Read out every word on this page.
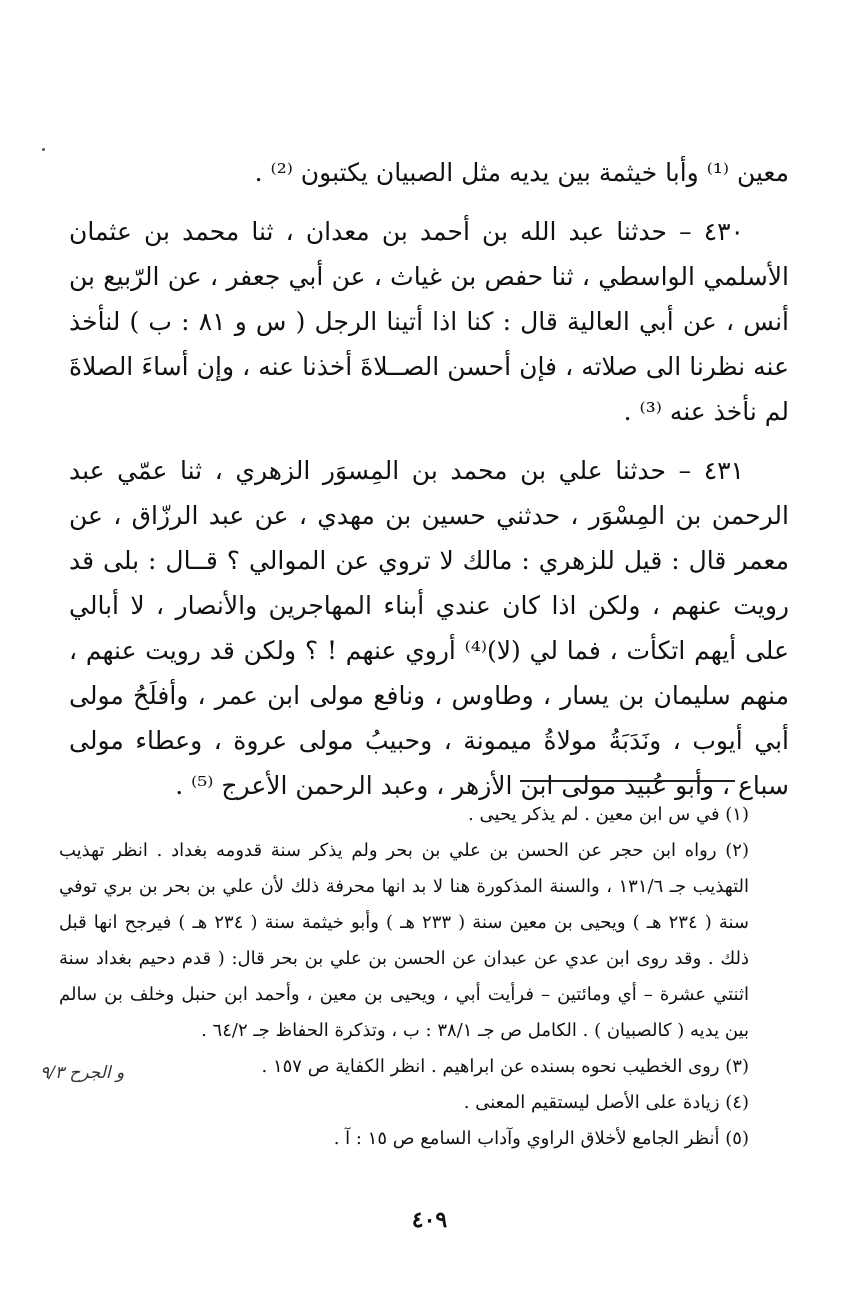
معين ⁽¹⁾ وأبا خيثمة بين يديه مثل الصبيان يكتبون ⁽²⁾ .

٤٣٠ – حدثنا عبد الله بن أحمد بن معدان ، ثنا محمد بن عثمان الأسلمي الواسطي ، ثنا حفص بن غياث ، عن أبي جعفر ، عن الرّبيع بن أنس ، عن أبي العالية قال : كنا اذا أتينا الرجل ( س و ٨١ : ب ) لنأخذ عنه نظرنا الى صلاته ، فإن أحسن الصــلاةَ أخذنا عنه ، وإن أساءَ الصلاةَ لم نأخذ عنه ⁽³⁾ .

٤٣١ – حدثنا علي بن محمد بن المِسوَر الزهري ، ثنا عمّي عبد الرحمن بن المِسْوَر ، حدثني حسين بن مهدي ، عن عبد الرزّاق ، عن معمر قال : قيل للزهري : مالك لا تروي عن الموالي ؟ قــال : بلى قد رويت عنهم ، ولكن اذا كان عندي أبناء المهاجرين والأنصار ، لا أبالي على أيهم اتكأت ، فما لي (لا)⁽⁴⁾ أروي عنهم ! ؟ ولكن قد رويت عنهم ، منهم سليمان بن يسار ، وطاوس ، ونافع مولى ابن عمر ، وأفلَحُ مولى أبي أيوب ، ونَدَبَةُ مولاةُ ميمونة ، وحبيبُ مولى عروة ، وعطاء مولى سباع ، وأبو عُبيد مولى ابن الأزهر ، وعبد الرحمن الأعرج ⁽⁵⁾ .

(١) في س ابن معين . لم يذكر يحيى .

(٢) رواه ابن حجر عن الحسن بن علي بن بحر ولم يذكر سنة قدومه بغداد . انظر تهذيب التهذيب جـ ١٣١/٦ ، والسنة المذكورة هنا لا بد انها محرفة ذلك لأن علي بن بحر بن بري توفي سنة ( ٢٣٤ هـ ) ويحيى بن معين سنة ( ٢٣٣ هـ ) وأبو خيثمة سنة ( ٢٣٤ هـ ) فيرجح انها قبل ذلك . وقد روى ابن عدي عن عبدان عن الحسن بن علي بن بحر قال: ( قدم دحيم بغداد سنة اثنتي عشرة – أي ومائتين – فرأيت أبي ، ويحيى بن معين ، وأحمد ابن حنبل وخلف بن سالم بين يديه ( كالصبيان ) . الكامل ص جـ ٣٨/١ : ب ، وتذكرة الحفاظ جـ ٦٤/٢ .

(٣) روى الخطيب نحوه بسنده عن ابراهيم . انظر الكفاية ص ١٥٧ .

(٤) زيادة على الأصل ليستقيم المعنى .

(٥) أنظر الجامع لأخلاق الراوي وآداب السامع ص ١٥ : آ .

و الجرح ٩/٣
٤٠٩
